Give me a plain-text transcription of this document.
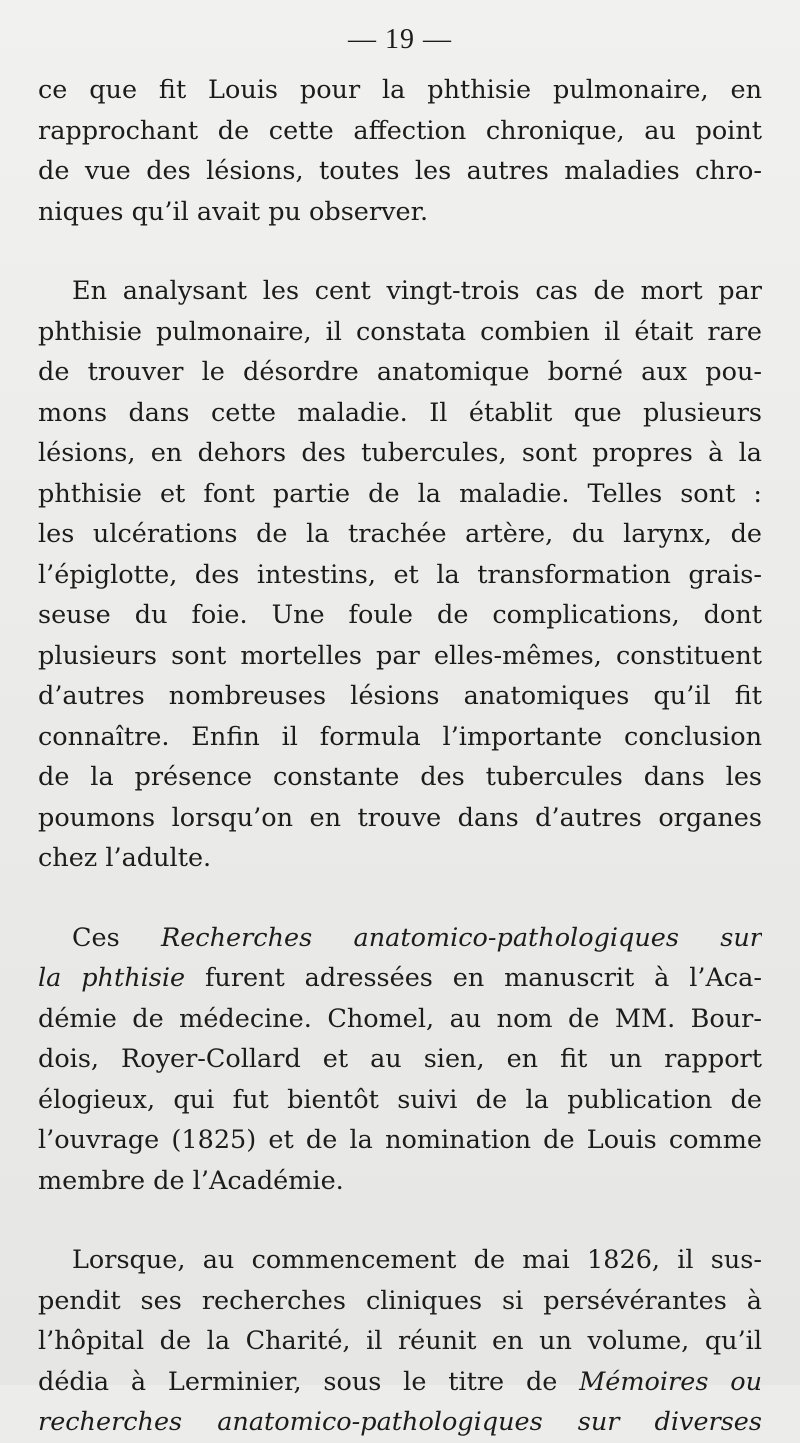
— 19 —
ce que fit Louis pour la phthisie pulmonaire, en
rapprochant de cette affection chronique, au point
de vue des lésions, toutes les autres maladies chro-
niques qu’il avait pu observer.
En analysant les cent vingt-trois cas de mort par
phthisie pulmonaire, il constata combien il était rare
de trouver le désordre anatomique borné aux pou-
mons dans cette maladie. Il établit que plusieurs
lésions, en dehors des tubercules, sont propres à la
phthisie et font partie de la maladie. Telles sont :
les ulcérations de la trachée artère, du larynx, de
l’épiglotte, des intestins, et la transformation grais-
seuse du foie. Une foule de complications, dont
plusieurs sont mortelles par elles-mêmes, constituent
d’autres nombreuses lésions anatomiques qu’il fit
connaître. Enfin il formula l’importante conclusion
de la présence constante des tubercules dans les
poumons lorsqu’on en trouve dans d’autres organes
chez l’adulte.
Ces Recherches anatomico-pathologiques sur
la phthisie furent adressées en manuscrit à l’Aca-
démie de médecine. Chomel, au nom de MM. Bour-
dois, Royer-Collard et au sien, en fit un rapport
élogieux, qui fut bientôt suivi de la publication de
l’ouvrage (1825) et de la nomination de Louis comme
membre de l’Académie.
Lorsque, au commencement de mai 1826, il sus-
pendit ses recherches cliniques si persévérantes à
l’hôpital de la Charité, il réunit en un volume, qu’il
dédia à Lerminier, sous le titre de Mémoires ou
recherches anatomico-pathologiques sur diverses
